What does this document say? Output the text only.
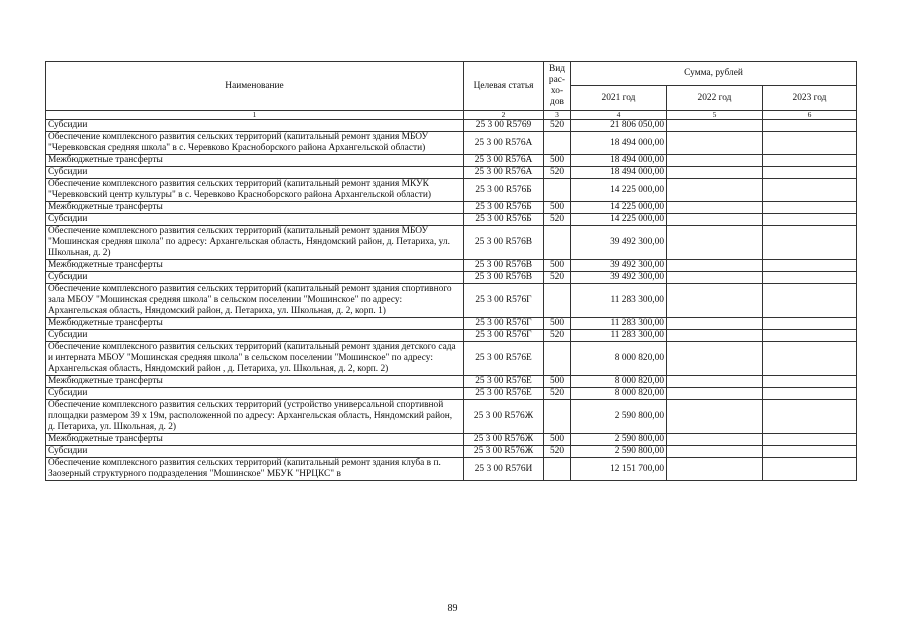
Наименование	Целевая статья	Вид рас-хо-дов	Сумма, рублей		
			2021 год	2022 год	2023 год
1	2	3	4	5	6
Субсидии	25 3 00 R5769	520	21 806 050,00		
Обеспечение комплексного развития сельских территорий (капитальный ремонт здания МБОУ "Черевковская средняя школа" в с. Черевково Красноборского района Архангельской области)	25 3 00 R576А		18 494 000,00		
Межбюджетные трансферты	25 3 00 R576А	500	18 494 000,00		
Субсидии	25 3 00 R576А	520	18 494 000,00		
Обеспечение комплексного развития сельских территорий (капитальный ремонт здания МКУК "Черевковский центр культуры" в с. Черевково Красноборского района Архангельской области)	25 3 00 R576Б		14 225 000,00		
Межбюджетные трансферты	25 3 00 R576Б	500	14 225 000,00		
Субсидии	25 3 00 R576Б	520	14 225 000,00		
Обеспечение комплексного развития сельских территорий (капитальный ремонт здания МБОУ "Мошинская средняя школа" по адресу: Архангельская область, Няндомский район, д. Петариха, ул. Школьная, д. 2)	25 3 00 R576В		39 492 300,00		
Межбюджетные трансферты	25 3 00 R576В	500	39 492 300,00		
Субсидии	25 3 00 R576В	520	39 492 300,00		
Обеспечение комплексного развития сельских территорий (капитальный ремонт здания спортивного зала МБОУ "Мошинская средняя школа" в сельском поселении "Мошинское" по адресу: Архангельская область, Няндомский район, д. Петариха, ул. Школьная, д. 2, корп. 1)	25 3 00 R576Г		11 283 300,00		
Межбюджетные трансферты	25 3 00 R576Г	500	11 283 300,00		
Субсидии	25 3 00 R576Г	520	11 283 300,00		
Обеспечение комплексного развития сельских территорий (капитальный ремонт здания детского сада и интерната МБОУ "Мошинская средняя школа" в сельском поселении "Мошинское" по адресу: Архангельская область, Няндомский район , д. Петариха, ул. Школьная, д. 2, корп. 2)	25 3 00 R576Е		8 000 820,00		
Межбюджетные трансферты	25 3 00 R576Е	500	8 000 820,00		
Субсидии	25 3 00 R576Е	520	8 000 820,00		
Обеспечение комплексного развития сельских территорий (устройство универсальной спортивной площадки размером 39 х 19м, расположенной по адресу: Архангельская область, Няндомский район, д. Петариха, ул. Школьная, д. 2)	25 3 00 R576Ж		2 590 800,00		
Межбюджетные трансферты	25 3 00 R576Ж	500	2 590 800,00		
Субсидии	25 3 00 R576Ж	520	2 590 800,00		
Обеспечение комплексного развития сельских территорий (капитальный ремонт здания клуба в п. Заозерный структурного подразделения "Мошинское" МБУК "НРЦКС" в	25 3 00 R576И		12 151 700,00		
89
